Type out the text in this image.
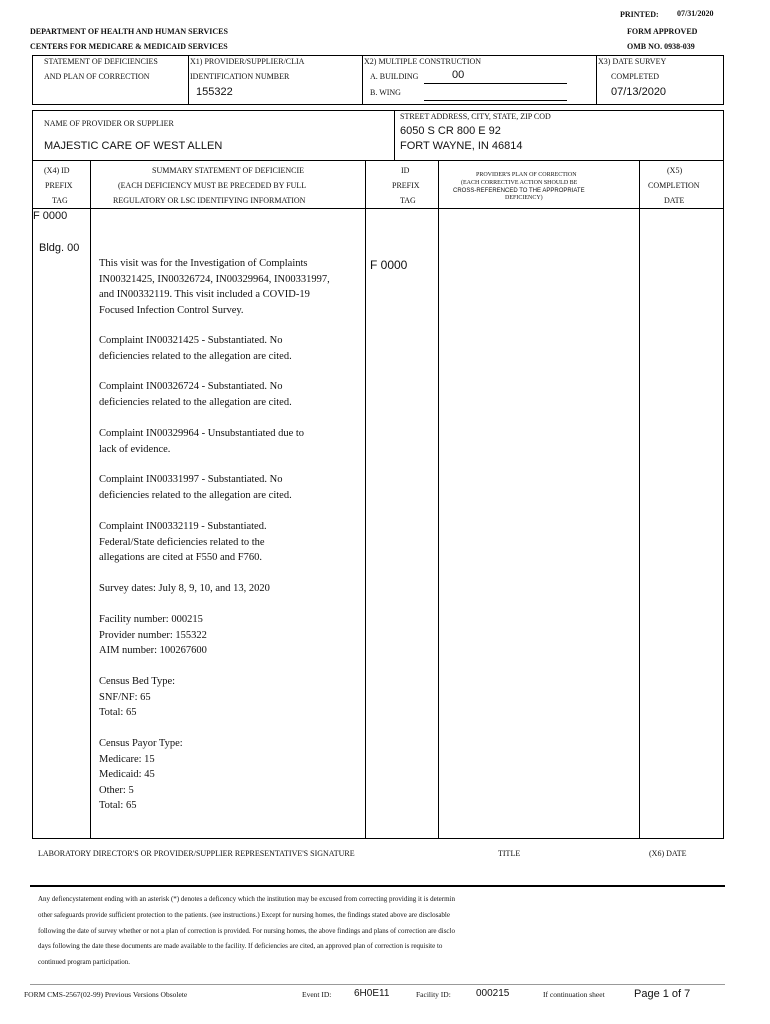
PRINTED: 07/31/2020
DEPARTMENT OF HEALTH AND HUMAN SERVICES	FORM APPROVED
CENTERS FOR MEDICARE & MEDICAID SERVICES	OMB NO. 0938-039
STATEMENT OF DEFICIENCIES
AND PLAN OF CORRECTION
X1) PROVIDER/SUPPLIER/CLIA
IDENTIFICATION NUMBER
155322
X2) MULTIPLE CONSTRUCTION
A. BUILDING	00
B. WING
X3) DATE SURVEY
COMPLETED
07/13/2020
NAME OF PROVIDER OR SUPPLIER
MAJESTIC CARE OF WEST ALLEN
STREET ADDRESS, CITY, STATE, ZIP COD
6050 S CR 800 E 92
FORT WAYNE, IN 46814
(X4) ID
PREFIX
TAG
SUMMARY STATEMENT OF DEFICIENCIE
(EACH DEFICIENCY MUST BE PRECEDED BY FULL
REGULATORY OR LSC IDENTIFYING INFORMATION
ID
PREFIX
TAG
PROVIDER'S PLAN OF CORRECTION
(EACH CORRECTIVE ACTION SHOULD BE
CROSS-REFERENCED TO THE APPROPRIATE
DEFICIENCY)
(X5)
COMPLETION
DATE
F 0000
Bldg. 00
F 0000
This visit was for the Investigation of Complaints
IN00321425, IN00326724, IN00329964, IN00331997,
and IN00332119. This visit included a COVID-19
Focused Infection Control Survey.
Complaint IN00321425 - Substantiated. No
deficiencies related to the allegation are cited.
Complaint IN00326724 - Substantiated. No
deficiencies related to the allegation are cited.
Complaint IN00329964 - Unsubstantiated due to
lack of evidence.
Complaint IN00331997 - Substantiated. No
deficiencies related to the allegation are cited.
Complaint IN00332119 - Substantiated.
Federal/State deficiencies related to the
allegations are cited at F550 and F760.
Survey dates: July 8, 9, 10, and 13, 2020
Facility number: 000215
Provider number: 155322
AIM number: 100267600
Census Bed Type:
SNF/NF: 65
Total: 65
Census Payor Type:
Medicare: 15
Medicaid: 45
Other: 5
Total: 65
LABORATORY DIRECTOR'S OR PROVIDER/SUPPLIER REPRESENTATIVE'S SIGNATURE	TITLE	(X6) DATE
Any defiencystatement ending with an asterisk (*) denotes a deficency which the institution may be excused from correcting providing it is determin
other safeguards provide sufficient protection to the patients. (see instructions.) Except for nursing homes, the findings stated above are disclosable
following the date of survey whether or not a plan of correction is provided. For nursing homes, the above findings and plans of correction are disclo
days following the date these documents are made available to the facility. If deficiencies are cited, an approved plan of correction is requisite to
continued program participation.
FORM CMS-2567(02-99) Previous Versions Obsolete	Event ID: 6H0E11	Facility ID:	000215	If continuation sheet	Page 1 of 7
